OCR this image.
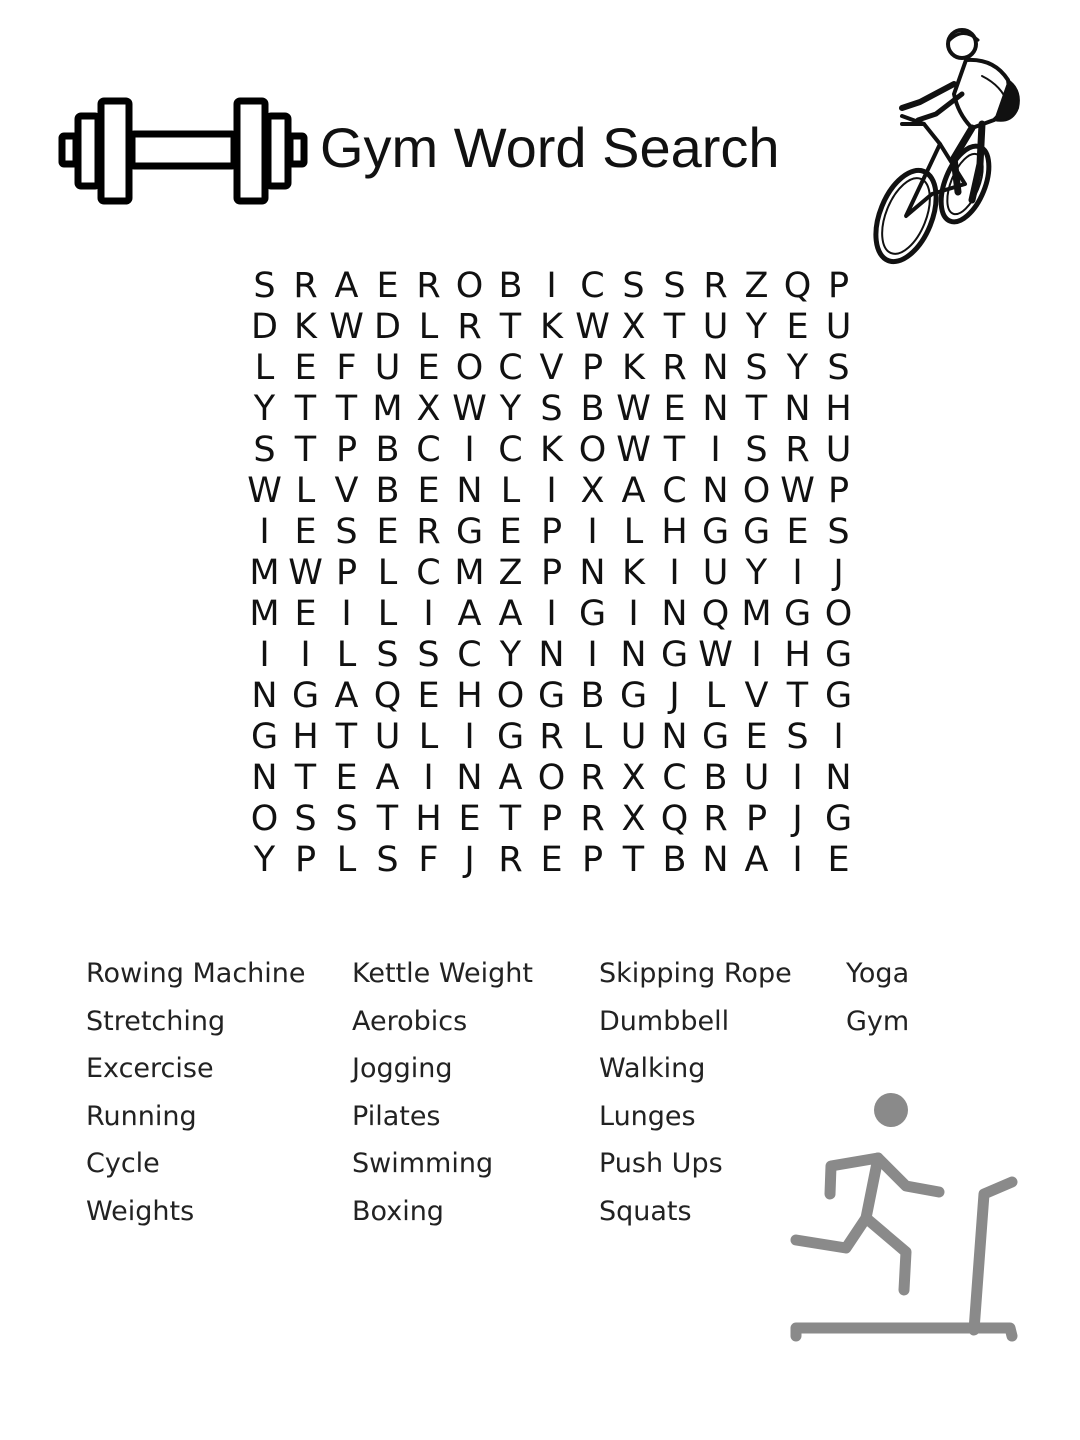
Gym Word Search
S R A E R O B I C S S R Z Q P
D K W D L R T K W X T U Y E U
L E F U E O C V P K R N S Y S
Y T T M X W Y S B W E N T N H
S T P B C I C K O W T I S R U
W L V B E N L I X A C N O W P
I E S E R G E P I L H G G E S
M W P L C M Z P N K I U Y I J
M E I L I A A I G I N Q M G O
I I L S S C Y N I N G W I H G
N G A Q E H O G B G J L V T G
G H T U L I G R L U N G E S I
N T E A I N A O R X C B U I N
O S S T H E T P R X Q R P J G
Y P L S F J R E P T B N A I E
Rowing Machine
Stretching
Excercise
Running
Cycle
Weights
Kettle Weight
Aerobics
Jogging
Pilates
Swimming
Boxing
Skipping Rope
Dumbbell
Walking
Lunges
Push Ups
Squats
Yoga
Gym
